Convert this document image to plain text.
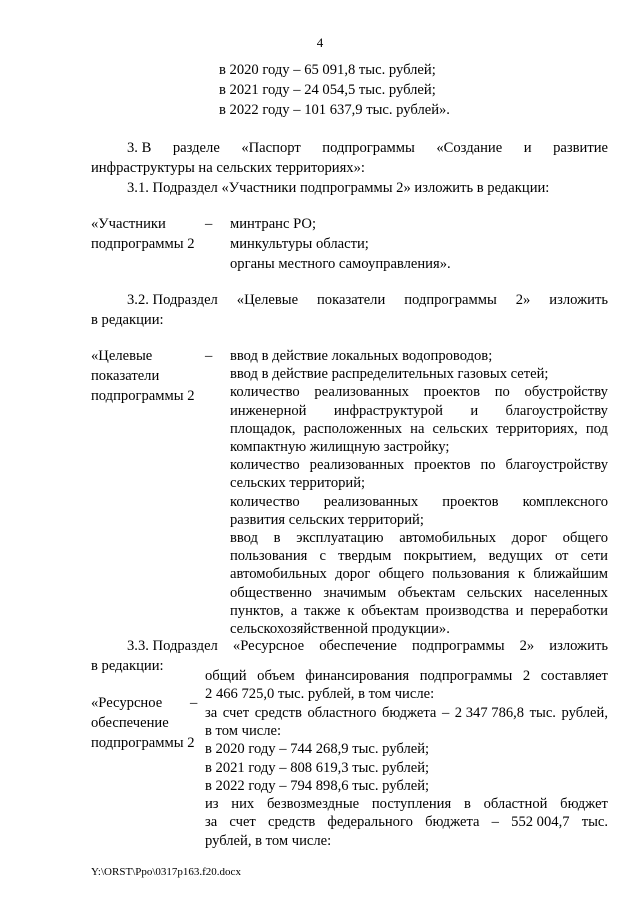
4
в 2020 году – 65 091,8 тыс. рублей;
в 2021 году – 24 054,5 тыс. рублей;
в 2022 году – 101 637,9 тыс. рублей».
3. В разделе «Паспорт подпрограммы «Создание и развитие
инфраструктуры на сельских территориях»:
3.1. Подраздел «Участники подпрограммы 2» изложить в редакции:
«Участники
подпрограммы 2
– минтранс РО;
минкультуры области;
органы местного самоуправления».
3.2. Подраздел «Целевые показатели подпрограммы 2» изложить
в редакции:
«Целевые
показатели
подпрограммы 2
– ввод в действие локальных водопроводов;
ввод в действие распределительных газовых сетей;
количество реализованных проектов по обустройству
инженерной инфраструктурой и благоустройству
площадок, расположенных на сельских территориях, под
компактную жилищную застройку;
количество реализованных проектов по благоустройству
сельских территорий;
количество реализованных проектов комплексного
развития сельских территорий;
ввод в эксплуатацию автомобильных дорог общего
пользования с твердым покрытием, ведущих от сети
автомобильных дорог общего пользования к ближайшим
общественно значимым объектам сельских населенных
пунктов, а также к объектам производства и переработки
сельскохозяйственной продукции».
3.3. Подраздел «Ресурсное обеспечение подпрограммы 2» изложить
в редакции:
«Ресурсное
обеспечение
подпрограммы 2
–
общий объем финансирования подпрограммы 2 составляет
2 466 725,0 тыс. рублей, в том числе:
за счет средств областного бюджета – 2 347 786,8 тыс. рублей,
в том числе:
в 2020 году – 744 268,9 тыс. рублей;
в 2021 году – 808 619,3 тыс. рублей;
в 2022 году – 794 898,6 тыс. рублей;
из них безвозмездные поступления в областной бюджет
за счет средств федерального бюджета – 552 004,7 тыс.
рублей, в том числе:
Y:\ORST\Ppo\0317p163.f20.docx
